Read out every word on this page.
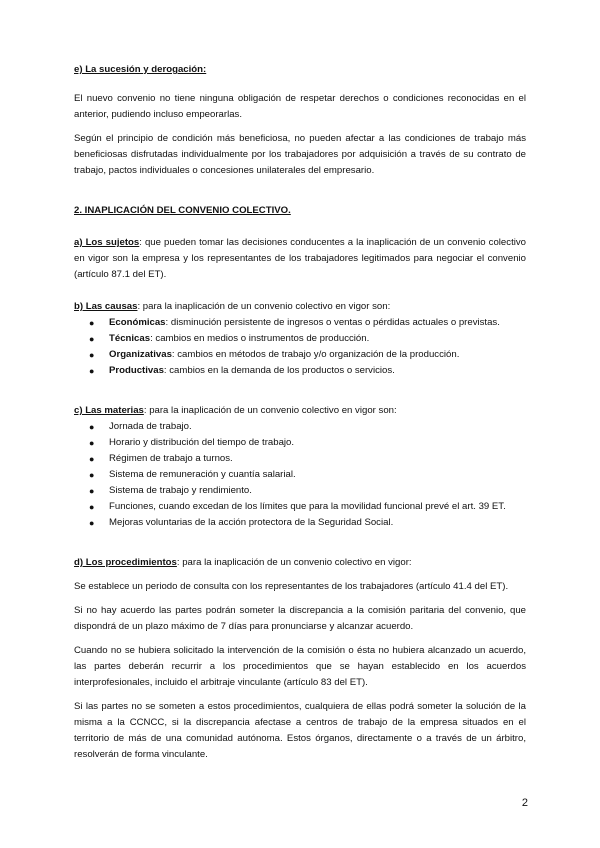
e) La sucesión y derogación:

El nuevo convenio no tiene ninguna obligación de respetar derechos o condiciones reconocidas en el anterior, pudiendo incluso empeorarlas.

Según el principio de condición más beneficiosa, no pueden afectar a las condiciones de trabajo más beneficiosas disfrutadas individualmente por los trabajadores por adquisición a través de su contrato de trabajo, pactos individuales o concesiones unilaterales del empresario.

2. INAPLICACIÓN DEL CONVENIO COLECTIVO.

a) Los sujetos: que pueden tomar las decisiones conducentes a la inaplicación de un convenio colectivo en vigor son la empresa y los representantes de los trabajadores legitimados para negociar el convenio (artículo 87.1 del ET).

b) Las causas: para la inaplicación de un convenio colectivo en vigor son:

● Económicas: disminución persistente de ingresos o ventas o pérdidas actuales o previstas.
● Técnicas: cambios en medios o instrumentos de producción.
● Organizativas: cambios en métodos de trabajo y/o organización de la producción.
● Productivas: cambios en la demanda de los productos o servicios.

c) Las materias: para la inaplicación de un convenio colectivo en vigor son:

● Jornada de trabajo.
● Horario y distribución del tiempo de trabajo.
● Régimen de trabajo a turnos.
● Sistema de remuneración y cuantía salarial.
● Sistema de trabajo y rendimiento.
● Funciones, cuando excedan de los límites que para la movilidad funcional prevé el art. 39 ET.
● Mejoras voluntarias de la acción protectora de la Seguridad Social.

d) Los procedimientos: para la inaplicación de un convenio colectivo en vigor:

Se establece un periodo de consulta con los representantes de los trabajadores (artículo 41.4 del ET).

Si no hay acuerdo las partes podrán someter la discrepancia a la comisión paritaria del convenio, que dispondrá de un plazo máximo de 7 días para pronunciarse y alcanzar acuerdo.

Cuando no se hubiera solicitado la intervención de la comisión o ésta no hubiera alcanzado un acuerdo, las partes deberán recurrir a los procedimientos que se hayan establecido en los acuerdos interprofesionales, incluido el arbitraje vinculante (artículo 83 del ET).

Si las partes no se someten a estos procedimientos, cualquiera de ellas podrá someter la solución de la misma a la CCNCC, si la discrepancia afectase a centros de trabajo de la empresa situados en el territorio de más de una comunidad autónoma. Estos órganos, directamente o a través de un árbitro, resolverán de forma vinculante.

2
